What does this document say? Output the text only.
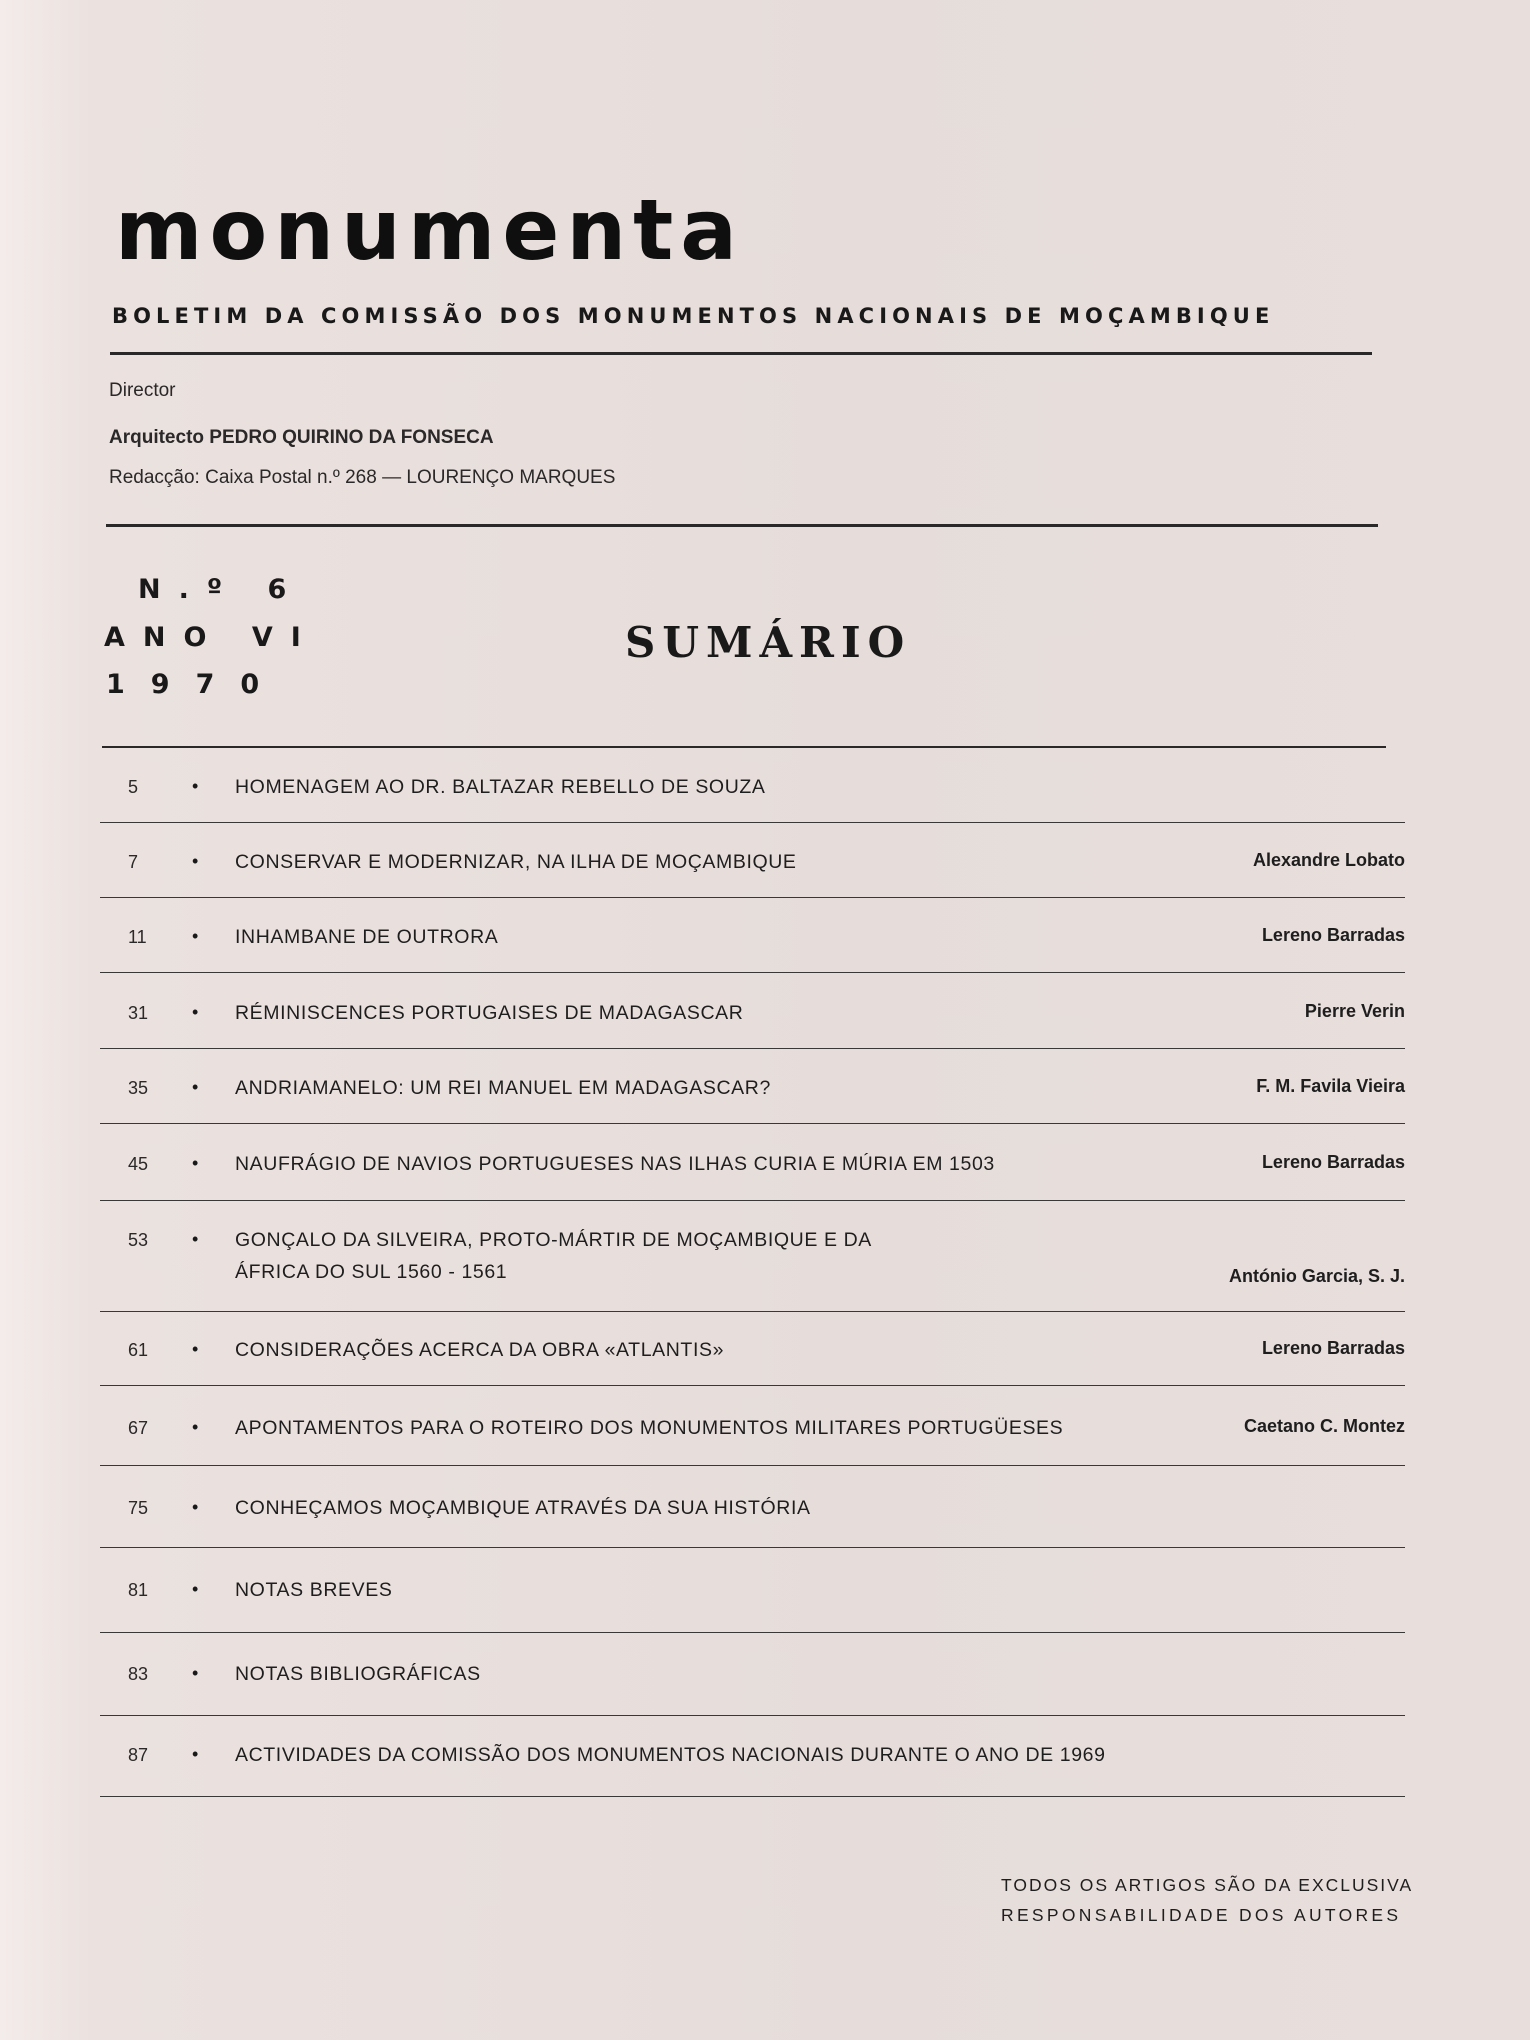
monumenta
BOLETIM DA COMISSÃO DOS MONUMENTOS NACIONAIS DE MOÇAMBIQUE
Director
Arquitecto PEDRO QUIRINO DA FONSECA
Redacção: Caixa Postal n.º 268 — LOURENÇO MARQUES
N.º 6
ANO VI
1970
SUMÁRIO
5	• HOMENAGEM AO DR. BALTAZAR REBELLO DE SOUZA
7	• CONSERVAR E MODERNIZAR, NA ILHA DE MOÇAMBIQUE	Alexandre Lobato
11	• INHAMBANE DE OUTRORA	Lereno Barradas
31	• RÉMINISCENCES PORTUGAISES DE MADAGASCAR	Pierre Verin
35	• ANDRIAMANELO: UM REI MANUEL EM MADAGASCAR?	F. M. Favila Vieira
45	• NAUFRÁGIO DE NAVIOS PORTUGUESES NAS ILHAS CURIA E MÚRIA EM 1503	Lereno Barradas
53	• GONÇALO DA SILVEIRA, PROTO-MÁRTIR DE MOÇAMBIQUE E DA ÁFRICA DO SUL 1560 - 1561	António Garcia, S. J.
61	• CONSIDERAÇÕES ACERCA DA OBRA «ATLANTIS»	Lereno Barradas
67	• APONTAMENTOS PARA O ROTEIRO DOS MONUMENTOS MILITARES PORTUGÜESES	Caetano C. Montez
75	• CONHEÇAMOS MOÇAMBIQUE ATRAVÉS DA SUA HISTÓRIA
81	• NOTAS BREVES
83	• NOTAS BIBLIOGRÁFICAS
87	• ACTIVIDADES DA COMISSÃO DOS MONUMENTOS NACIONAIS DURANTE O ANO DE 1969
TODOS OS ARTIGOS SÃO DA EXCLUSIVA
RESPONSABILIDADE DOS AUTORES
